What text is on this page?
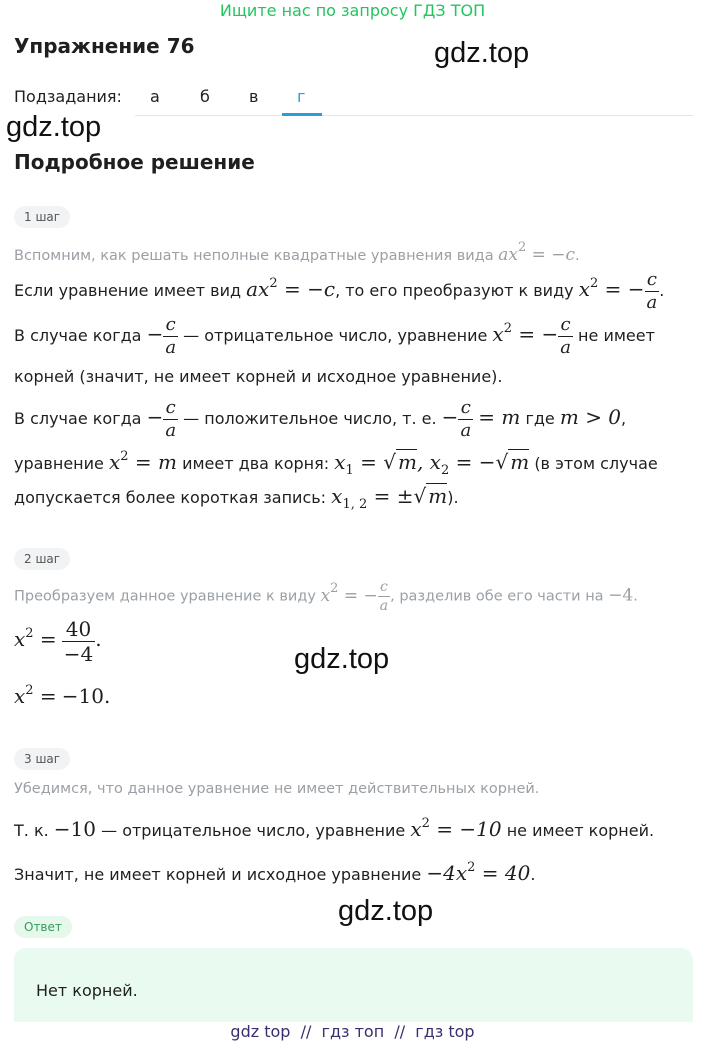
Ищите нас по запросу ГДЗ ТОП
Упражнение 76	gdz.top
Подзадания: а	б в г
gdz.top
Подробное решение
1 шаг
Вспомним, как решать неполные квадратные уравнения вида $ax^2 = -c$.
Если уравнение имеет вид $ax^2 = -c$, то его преобразуют к виду $x^2$ = − $\frac{c}{a}$ .
В случае когда − $\frac{c}{a}$ — отрицательное число, уравнение $x^2$ = − $\frac{c}{a}$ не имеет
корней (значит, не имеет корней и исходное уравнение).
В случае когда − $\frac{c}{a}$ — положительное число, т. е. − $\frac{c}{a} = m$ где m > 0,
уравнение $x^2 = m$ имеет два корня: $x_1$ = √ m, $x_2$ = −√ m (в этом случае
допускается более короткая запись: $x_{1, 2}$ = ±√ m).
2 шаг
Преобразуем данное уравнение к виду $x^2$ = − $\frac{c}{a}$ , разделив обе его части на −4.
$x^2 = \frac{40}{-4}$ .
gdz.top
$x^2 = -10$.
3 шаг
Убедимся, что данное уравнение не имеет действительных корней.
Т. к. −10 — отрицательное число, уравнение $x^2 = -10$ не имеет корней.
Значит, не имеет корней и исходное уравнение $-4x^2 = 40$.
gdz.top
Ответ
Нет корней.
gdz top  //  гдз топ  //  гдз top
